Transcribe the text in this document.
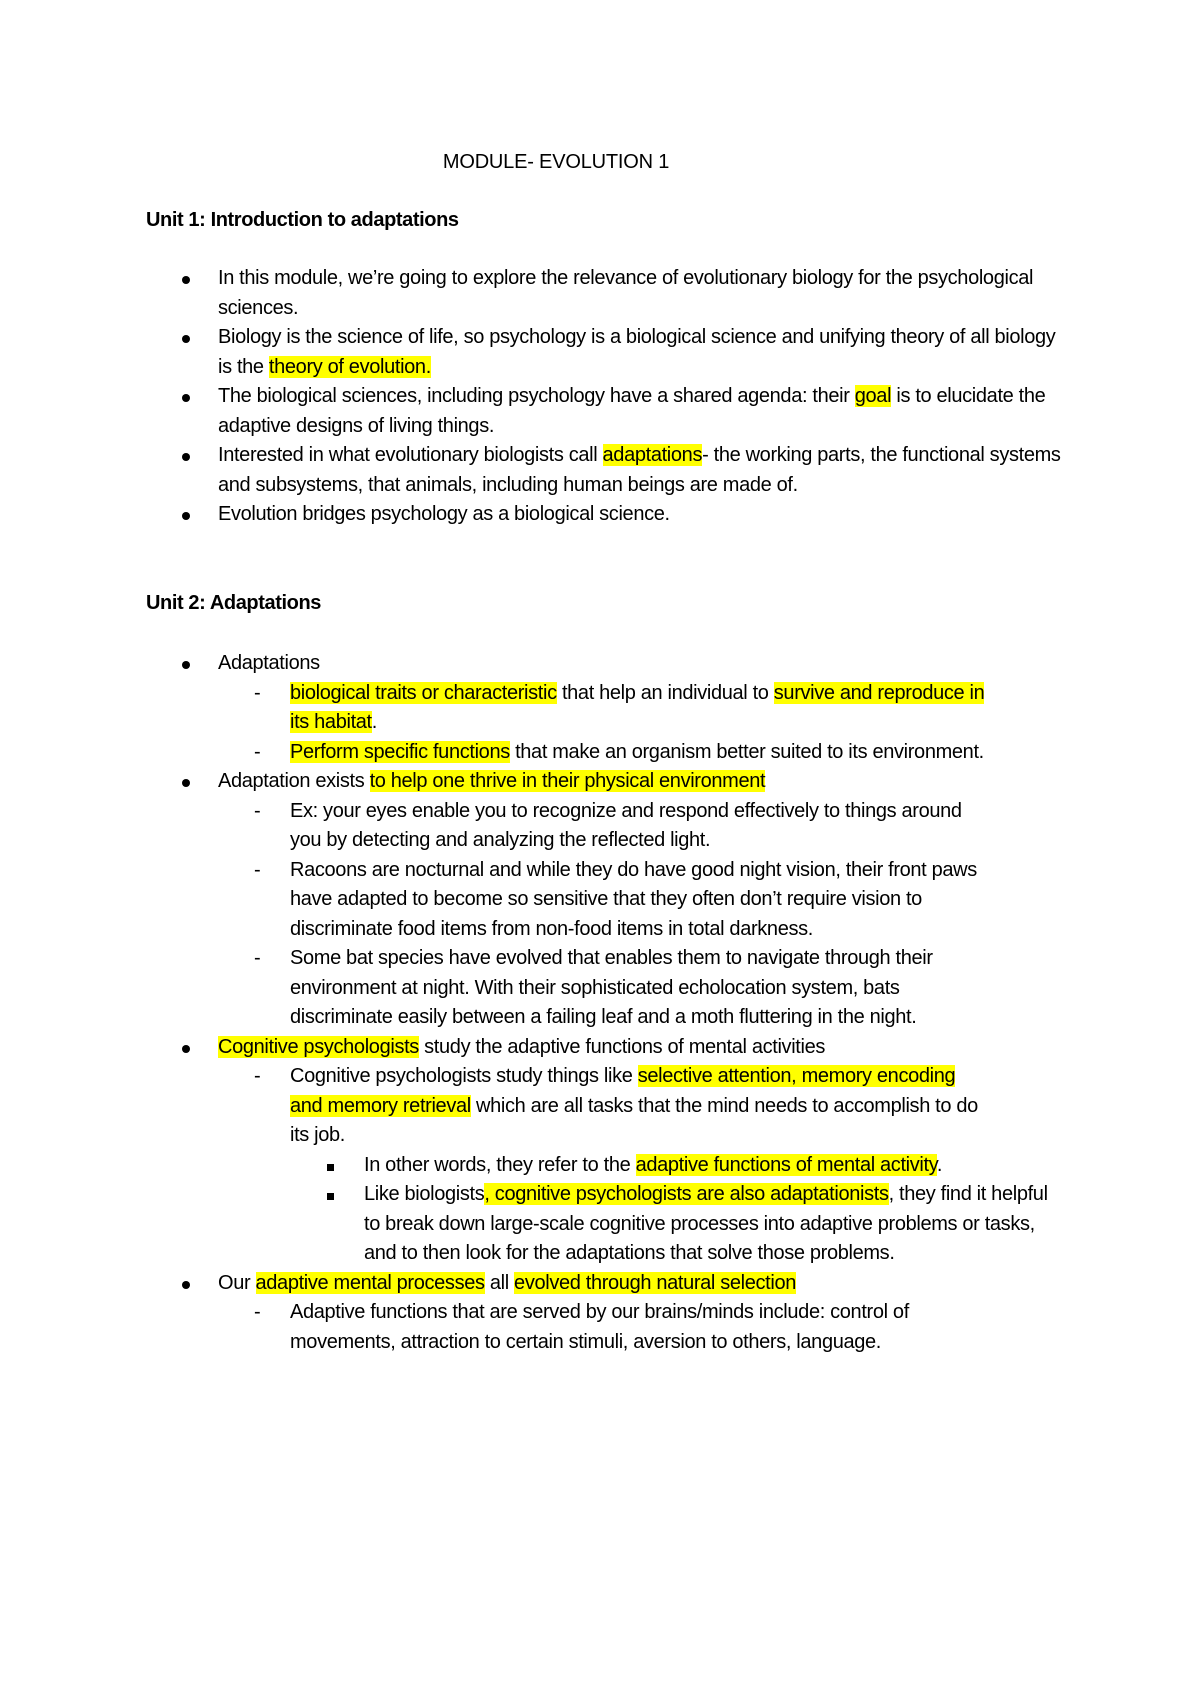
MODULE- EVOLUTION 1
Unit 1: Introduction to adaptations
In this module, we’re going to explore the relevance of evolutionary biology for the psychological sciences.
Biology is the science of life, so psychology is a biological science and unifying theory of all biology is the theory of evolution.
The biological sciences, including psychology have a shared agenda: their goal is to elucidate the adaptive designs of living things.
Interested in what evolutionary biologists call adaptations- the working parts, the functional systems and subsystems, that animals, including human beings are made of.
Evolution bridges psychology as a biological science.
Unit 2: Adaptations
Adaptations
- biological traits or characteristic that help an individual to survive and reproduce in its habitat.
- Perform specific functions that make an organism better suited to its environment.
Adaptation exists to help one thrive in their physical environment
- Ex: your eyes enable you to recognize and respond effectively to things around you by detecting and analyzing the reflected light.
- Racoons are nocturnal and while they do have good night vision, their front paws have adapted to become so sensitive that they often don’t require vision to discriminate food items from non-food items in total darkness.
- Some bat species have evolved that enables them to navigate through their environment at night. With their sophisticated echolocation system, bats discriminate easily between a failing leaf and a moth fluttering in the night.
Cognitive psychologists study the adaptive functions of mental activities
- Cognitive psychologists study things like selective attention, memory encoding and memory retrieval which are all tasks that the mind needs to accomplish to do its job.
In other words, they refer to the adaptive functions of mental activity.
Like biologists, cognitive psychologists are also adaptationists, they find it helpful to break down large-scale cognitive processes into adaptive problems or tasks, and to then look for the adaptations that solve those problems.
Our adaptive mental processes all evolved through natural selection
- Adaptive functions that are served by our brains/minds include: control of movements, attraction to certain stimuli, aversion to others, language.
